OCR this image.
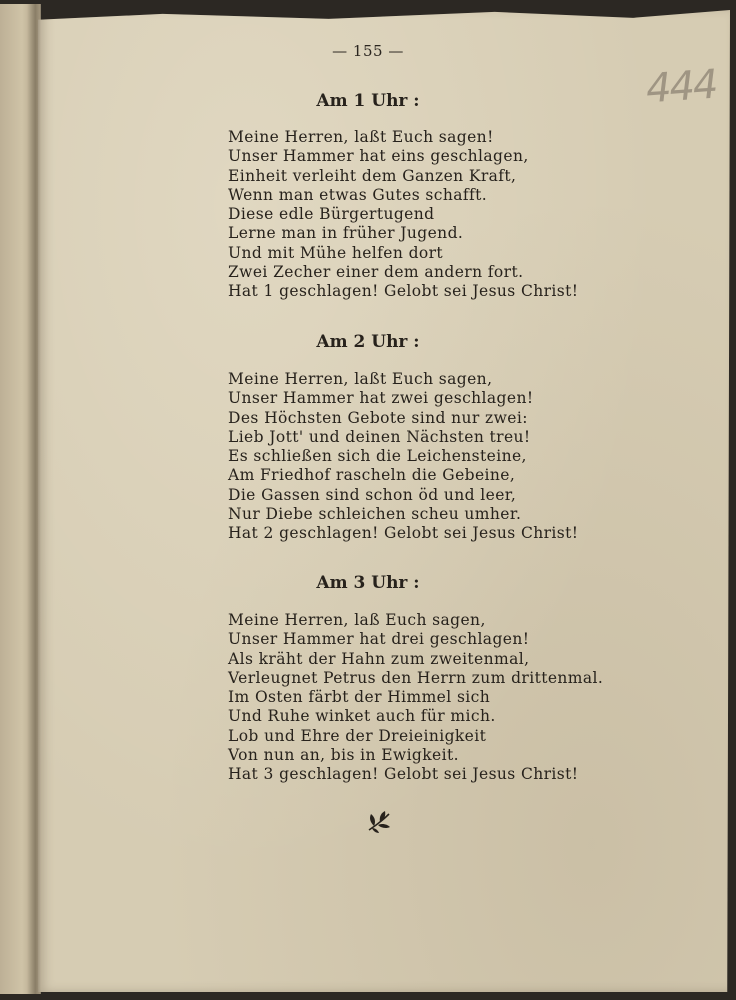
— 155 —
444
Am 1 Uhr :
Meine Herren, laßt Euch sagen!
Unser Hammer hat eins geschlagen,
Einheit verleiht dem Ganzen Kraft,
Wenn man etwas Gutes schafft.
Diese edle Bürgertugend
Lerne man in früher Jugend.
Und mit Mühe helfen dort
Zwei Zecher einer dem andern fort.
Hat 1 geschlagen! Gelobt sei Jesus Christ!
Am 2 Uhr :
Meine Herren, laßt Euch sagen,
Unser Hammer hat zwei geschlagen!
Des Höchsten Gebote sind nur zwei:
Lieb Jott' und deinen Nächsten treu!
Es schließen sich die Leichensteine,
Am Friedhof rascheln die Gebeine,
Die Gassen sind schon öd und leer,
Nur Diebe schleichen scheu umher.
Hat 2 geschlagen! Gelobt sei Jesus Christ!
Am 3 Uhr :
Meine Herren, laß Euch sagen,
Unser Hammer hat drei geschlagen!
Als kräht der Hahn zum zweitenmal,
Verleugnet Petrus den Herrn zum drittenmal.
Im Osten färbt der Himmel sich
Und Ruhe winket auch für mich.
Lob und Ehre der Dreieinigkeit
Von nun an, bis in Ewigkeit.
Hat 3 geschlagen! Gelobt sei Jesus Christ!
